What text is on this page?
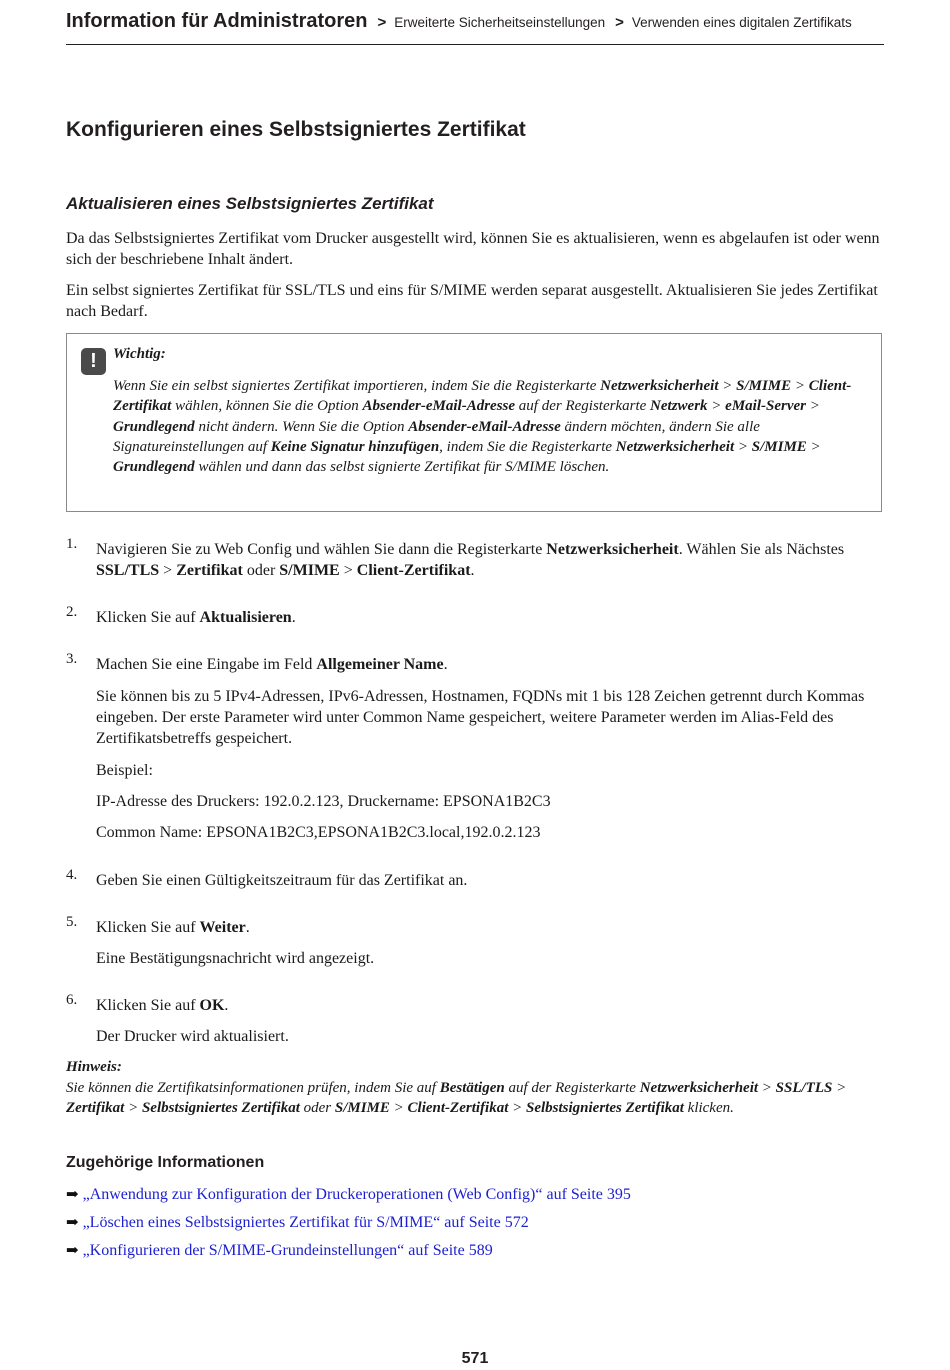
Information für Administratoren > Erweiterte Sicherheitseinstellungen > Verwenden eines digitalen Zertifikats
Konfigurieren eines Selbstsigniertes Zertifikat
Aktualisieren eines Selbstsigniertes Zertifikat

Da das Selbstsigniertes Zertifikat vom Drucker ausgestellt wird, können Sie es aktualisieren, wenn es abgelaufen ist oder wenn sich der beschriebene Inhalt ändert.

Ein selbst signiertes Zertifikat für SSL/TLS und eins für S/MIME werden separat ausgestellt. Aktualisieren Sie jedes Zertifikat nach Bedarf.

!	Wichtig:

Wenn Sie ein selbst signiertes Zertifikat importieren, indem Sie die Registerkarte Netzwerksicherheit > S/MIME > Client-Zertifikat wählen, können Sie die Option Absender-eMail-Adresse auf der Registerkarte Netzwerk > eMail-Server > Grundlegend nicht ändern. Wenn Sie die Option Absender-eMail-Adresse ändern möchten, ändern Sie alle Signatureinstellungen auf Keine Signatur hinzufügen, indem Sie die Registerkarte Netzwerksicherheit > S/MIME > Grundlegend wählen und dann das selbst signierte Zertifikat für S/MIME löschen.

1. Navigieren Sie zu Web Config und wählen Sie dann die Registerkarte Netzwerksicherheit. Wählen Sie als Nächstes SSL/TLS > Zertifikat oder S/MIME > Client-Zertifikat.

2. Klicken Sie auf Aktualisieren.

3. Machen Sie eine Eingabe im Feld Allgemeiner Name.

Sie können bis zu 5 IPv4-Adressen, IPv6-Adressen, Hostnamen, FQDNs mit 1 bis 128 Zeichen getrennt durch Kommas eingeben. Der erste Parameter wird unter Common Name gespeichert, weitere Parameter werden im Alias-Feld des Zertifikatsbetreffs gespeichert.

Beispiel:

IP-Adresse des Druckers: 192.0.2.123, Druckername: EPSONA1B2C3

Common Name: EPSONA1B2C3,EPSONA1B2C3.local,192.0.2.123

4. Geben Sie einen Gültigkeitszeitraum für das Zertifikat an.

5. Klicken Sie auf Weiter.

Eine Bestätigungsnachricht wird angezeigt.

6. Klicken Sie auf OK.

Der Drucker wird aktualisiert.

Hinweis:

Sie können die Zertifikatsinformationen prüfen, indem Sie auf Bestätigen auf der Registerkarte Netzwerksicherheit > SSL/TLS > Zertifikat > Selbstsigniertes Zertifikat oder S/MIME > Client-Zertifikat > Selbstsigniertes Zertifikat klicken.

Zugehörige Informationen
➡ „Anwendung zur Konfiguration der Druckeroperationen (Web Config)“ auf Seite 395
➡ „Löschen eines Selbstsigniertes Zertifikat für S/MIME“ auf Seite 572
➡ „Konfigurieren der S/MIME-Grundeinstellungen“ auf Seite 589
571
